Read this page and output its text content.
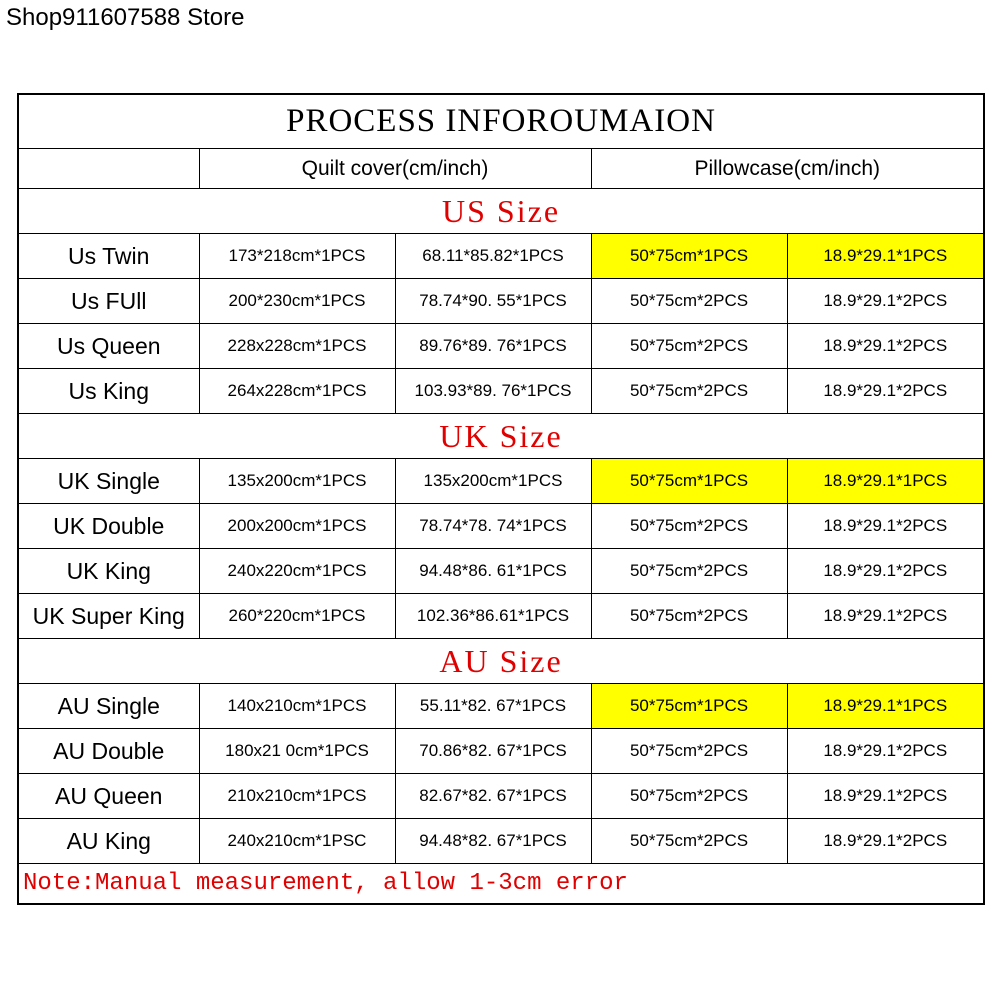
Shop911607588 Store
PROCESS INFOROUMAION				
	Quilt cover(cm/inch)		Pillowcase(cm/inch)	
US Size				
Us Twin	173*218cm*1PCS	68.11*85.82*1PCS	50*75cm*1PCS	18.9*29.1*1PCS
Us FUll	200*230cm*1PCS	78.74*90. 55*1PCS	50*75cm*2PCS	18.9*29.1*2PCS
Us Queen	228x228cm*1PCS	89.76*89. 76*1PCS	50*75cm*2PCS	18.9*29.1*2PCS
Us King	264x228cm*1PCS	103.93*89. 76*1PCS	50*75cm*2PCS	18.9*29.1*2PCS
UK Size				
UK Single	135x200cm*1PCS	135x200cm*1PCS	50*75cm*1PCS	18.9*29.1*1PCS
UK Double	200x200cm*1PCS	78.74*78. 74*1PCS	50*75cm*2PCS	18.9*29.1*2PCS
UK King	240x220cm*1PCS	94.48*86. 61*1PCS	50*75cm*2PCS	18.9*29.1*2PCS
UK Super King	260*220cm*1PCS	102.36*86.61*1PCS	50*75cm*2PCS	18.9*29.1*2PCS
AU Size				
AU Single	140x210cm*1PCS	55.11*82. 67*1PCS	50*75cm*1PCS	18.9*29.1*1PCS
AU Double	180x21 0cm*1PCS	70.86*82. 67*1PCS	50*75cm*2PCS	18.9*29.1*2PCS
AU Queen	210x210cm*1PCS	82.67*82. 67*1PCS	50*75cm*2PCS	18.9*29.1*2PCS
AU King	240x210cm*1PSC	94.48*82. 67*1PCS	50*75cm*2PCS	18.9*29.1*2PCS
Note:Manual measurement, allow 1-3cm error				
